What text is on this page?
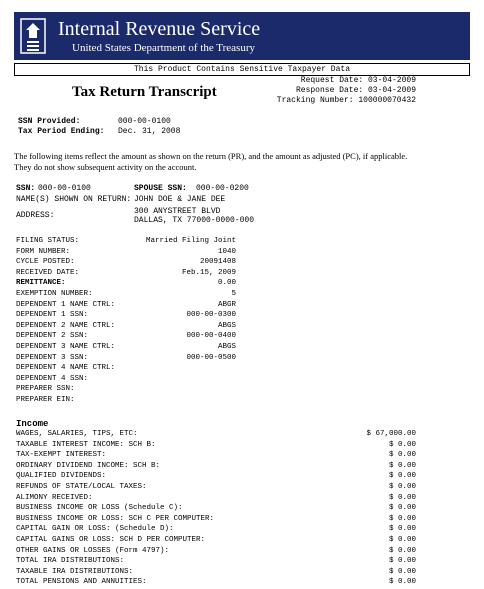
Internal Revenue Service
United States Department of the Treasury
This Product Contains Sensitive Taxpayer Data
Request Date: 03-04-2009
Response Date: 03-04-2009
Tracking Number: 100000070432
Tax Return Transcript
SSN Provided:	000-00-0100
Tax Period Ending: Dec. 31, 2008
The following items reflect the amount as shown on the return (PR), and the amount as adjusted (PC), if applicable. They do not show subsequent activity on the account.
SSN: 000-00-0100	SPOUSE SSN: 000-00-0200
NAME(S) SHOWN ON RETURN: JOHN DOE & JANE DEE
ADDRESS:	300 ANYSTREET BLVD
DALLAS, TX 77000-0000-000
FILING STATUS:	Married Filing Joint
FORM NUMBER:	1040
CYCLE POSTED:	20091408
RECEIVED DATE:	Feb.15, 2009
REMITTANCE:	0.00
EXEMPTION NUMBER:	5
DEPENDENT 1 NAME CTRL:	ABGR
DEPENDENT 1 SSN:	000-00-0300
DEPENDENT 2 NAME CTRL:	ABGS
DEPENDENT 2 SSN:	000-00-0400
DEPENDENT 3 NAME CTRL:	ABGS
DEPENDENT 3 SSN:	000-00-0500
DEPENDENT 4 NAME CTRL:
DEPENDENT 4 SSN:
PREPARER SSN:
PREPARER EIN:
Income
WAGES, SALARIES, TIPS, ETC:	$ 67,000.00
TAXABLE INTEREST INCOME: SCH B:	$ 0.00
TAX-EXEMPT INTEREST:	$ 0.00
ORDINARY DIVIDEND INCOME: SCH B:	$ 0.00
QUALIFIED DIVIDENDS:	$ 0.00
REFUNDS OF STATE/LOCAL TAXES:	$ 0.00
ALIMONY RECEIVED:	$ 0.00
BUSINESS INCOME OR LOSS (Schedule C):	$ 0.00
BUSINESS INCOME OR LOSS: SCH C PER COMPUTER:	$ 0.00
CAPITAL GAIN OR LOSS: (Schedule D):	$ 0.00
CAPITAL GAINS OR LOSS: SCH D PER COMPUTER:	$ 0.00
OTHER GAINS OR LOSSES (Form 4797):	$ 0.00
TOTAL IRA DISTRIBUTIONS:	$ 0.00
TAXABLE IRA DISTRIBUTIONS:	$ 0.00
TOTAL PENSIONS AND ANNUITIES:	$ 0.00
